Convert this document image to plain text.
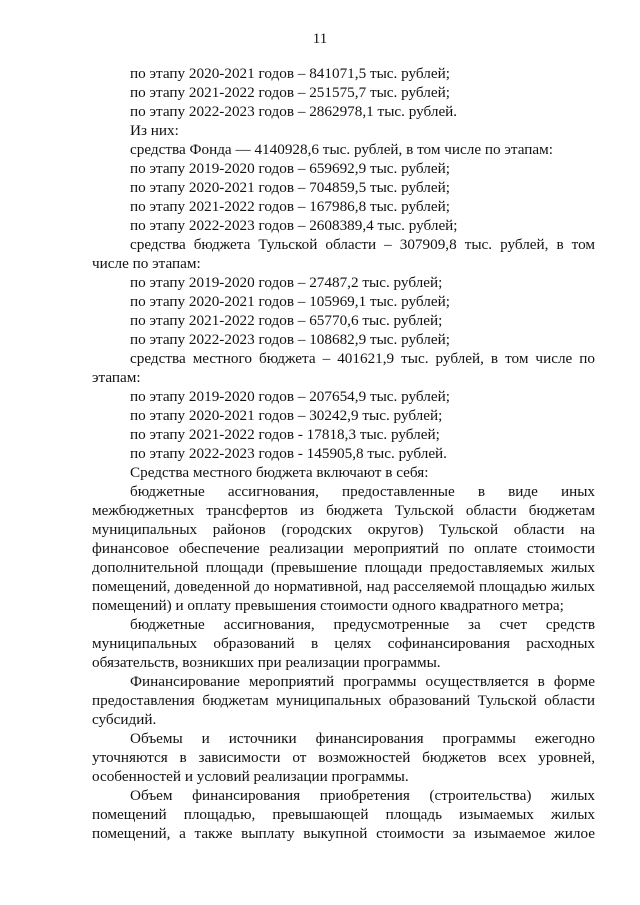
11
по этапу 2020-2021 годов – 841071,5 тыс. рублей;
по этапу 2021-2022 годов – 251575,7 тыс. рублей;
по этапу 2022-2023 годов – 2862978,1 тыс. рублей.
Из них:
средства Фонда — 4140928,6 тыс. рублей, в том числе по этапам:
по этапу 2019-2020 годов – 659692,9 тыс. рублей;
по этапу 2020-2021 годов – 704859,5 тыс. рублей;
по этапу 2021-2022 годов – 167986,8 тыс. рублей;
по этапу 2022-2023 годов – 2608389,4 тыс. рублей;
средства бюджета Тульской области – 307909,8 тыс. рублей, в том
числе по этапам:
по этапу 2019-2020 годов – 27487,2 тыс. рублей;
по этапу 2020-2021 годов – 105969,1 тыс. рублей;
по этапу 2021-2022 годов – 65770,6 тыс. рублей;
по этапу 2022-2023 годов – 108682,9 тыс. рублей;
средства местного бюджета – 401621,9 тыс. рублей, в том числе по
этапам:
по этапу 2019-2020 годов – 207654,9 тыс. рублей;
по этапу 2020-2021 годов – 30242,9 тыс. рублей;
по этапу 2021-2022 годов - 17818,3 тыс. рублей;
по этапу 2022-2023 годов - 145905,8 тыс. рублей.
Средства местного бюджета включают в себя:
бюджетные ассигнования, предоставленные в виде иных
межбюджетных трансфертов из бюджета Тульской области бюджетам
муниципальных районов (городских округов) Тульской области на
финансовое обеспечение реализации мероприятий по оплате стоимости
дополнительной площади (превышение площади предоставляемых жилых
помещений, доведенной до нормативной, над расселяемой площадью жилых
помещений) и оплату превышения стоимости одного квадратного метра;
бюджетные ассигнования, предусмотренные за счет средств
муниципальных образований в целях софинансирования расходных
обязательств, возникших при реализации программы.
Финансирование мероприятий программы осуществляется в форме
предоставления бюджетам муниципальных образований Тульской области
субсидий.
Объемы и источники финансирования программы ежегодно
уточняются в зависимости от возможностей бюджетов всех уровней,
особенностей и условий реализации программы.
Объем финансирования приобретения (строительства) жилых
помещений площадью, превышающей площадь изымаемых жилых
помещений, а также выплату выкупной стоимости за изымаемое жилое
